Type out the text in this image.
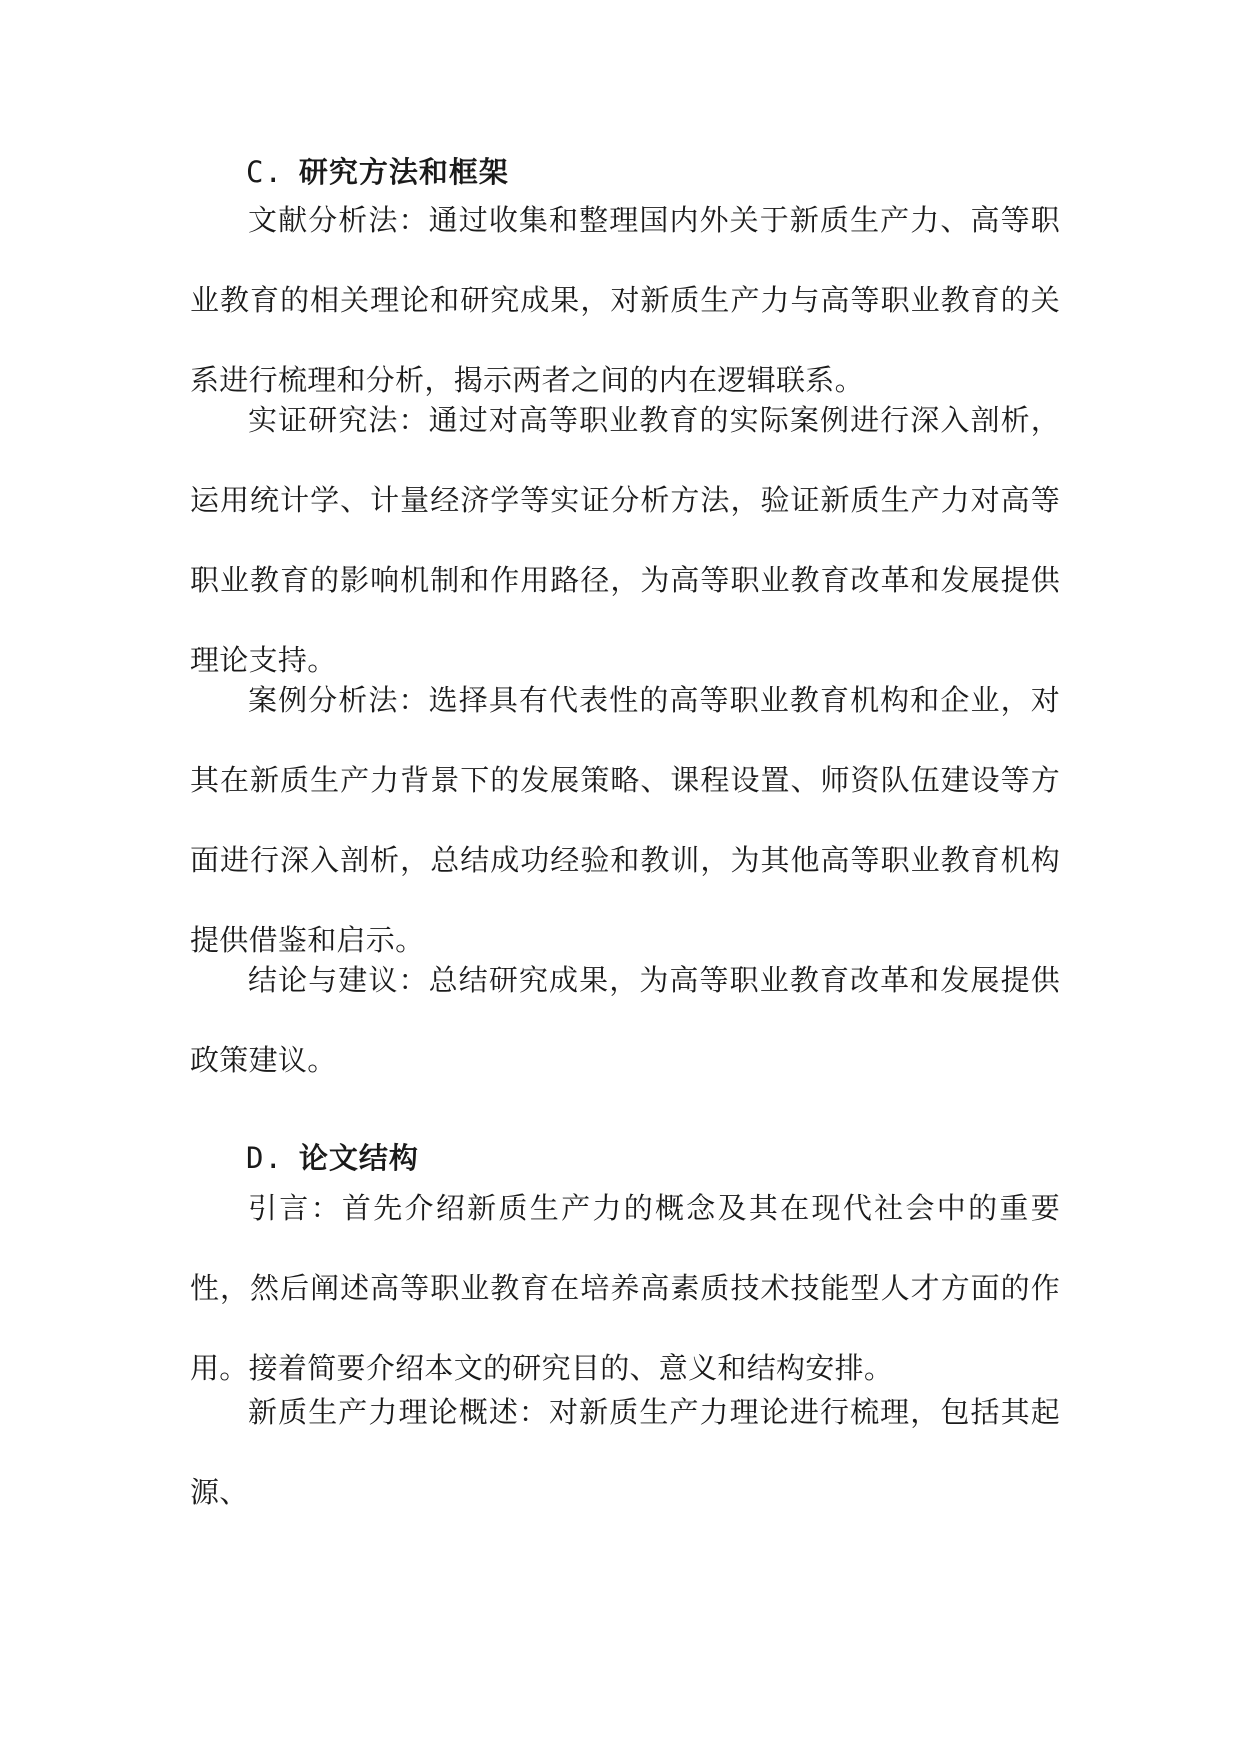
C. 研究方法和框架

文献分析法：通过收集和整理国内外关于新质生产力、高等职业教育的相关理论和研究成果，对新质生产力与高等职业教育的关系进行梳理和分析，揭示两者之间的内在逻辑联系。

实证研究法：通过对高等职业教育的实际案例进行深入剖析，运用统计学、计量经济学等实证分析方法，验证新质生产力对高等职业教育的影响机制和作用路径，为高等职业教育改革和发展提供理论支持。

案例分析法：选择具有代表性的高等职业教育机构和企业，对其在新质生产力背景下的发展策略、课程设置、师资队伍建设等方面进行深入剖析，总结成功经验和教训，为其他高等职业教育机构提供借鉴和启示。

结论与建议：总结研究成果，为高等职业教育改革和发展提供政策建议。

D. 论文结构

引言：首先介绍新质生产力的概念及其在现代社会中的重要性，然后阐述高等职业教育在培养高素质技术技能型人才方面的作用。接着简要介绍本文的研究目的、意义和结构安排。

新质生产力理论概述：对新质生产力理论进行梳理，包括其起源、
